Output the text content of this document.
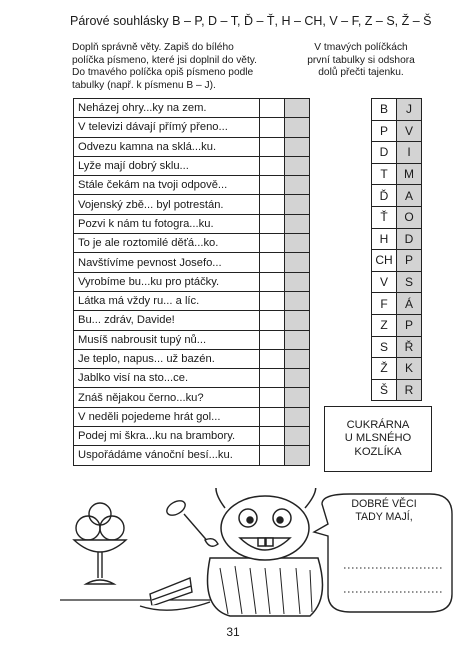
Párové souhlásky B – P, D – T, Ď – Ť, H – CH, V – F, Z – S, Ž – Š
Doplň správně věty. Zapiš do bílého
políčka písmeno, které jsi doplnil do věty.
Do tmavého políčka opiš písmeno podle
tabulky (např. k písmenu B – J).
V tmavých políčkách
první tabulky si odshora
dolů přečti tajenku.
Neházej ohry...ky na zem.		
V televizi dávají přímý přeno...		
Odvezu kamna na sklá...ku.		
Lyže mají dobrý sklu...		
Stále čekám na tvoji odpově...		
Vojenský zbě... byl potrestán.		
Pozvi k nám tu fotogra...ku.		
To je ale roztomilé děťá...ko.		
Navštívíme pevnost Josefo...		
Vyrobíme bu...ku pro ptáčky.		
Látka má vždy ru... a líc.		
Bu... zdráv, Davide!		
Musíš nabrousit tupý nů...		
Je teplo, napus... už bazén.		
Jablko visí na sto...ce.		
Znáš nějakou černo...ku?		
V neděli pojedeme hrát gol...		
Podej mi škra...ku na brambory.		
Uspořádáme vánoční besí...ku.		
B	J
P	V
D	I
T	M
Ď	A
Ť	O
H	D
CH	P
V	S
F	Á
Z	P
S	Ř
Ž	K
Š	R
CUKRÁRNA
U MLSNÉHO
KOZLÍKA
DOBRÉ VĚCI
TADY MAJÍ,
31
